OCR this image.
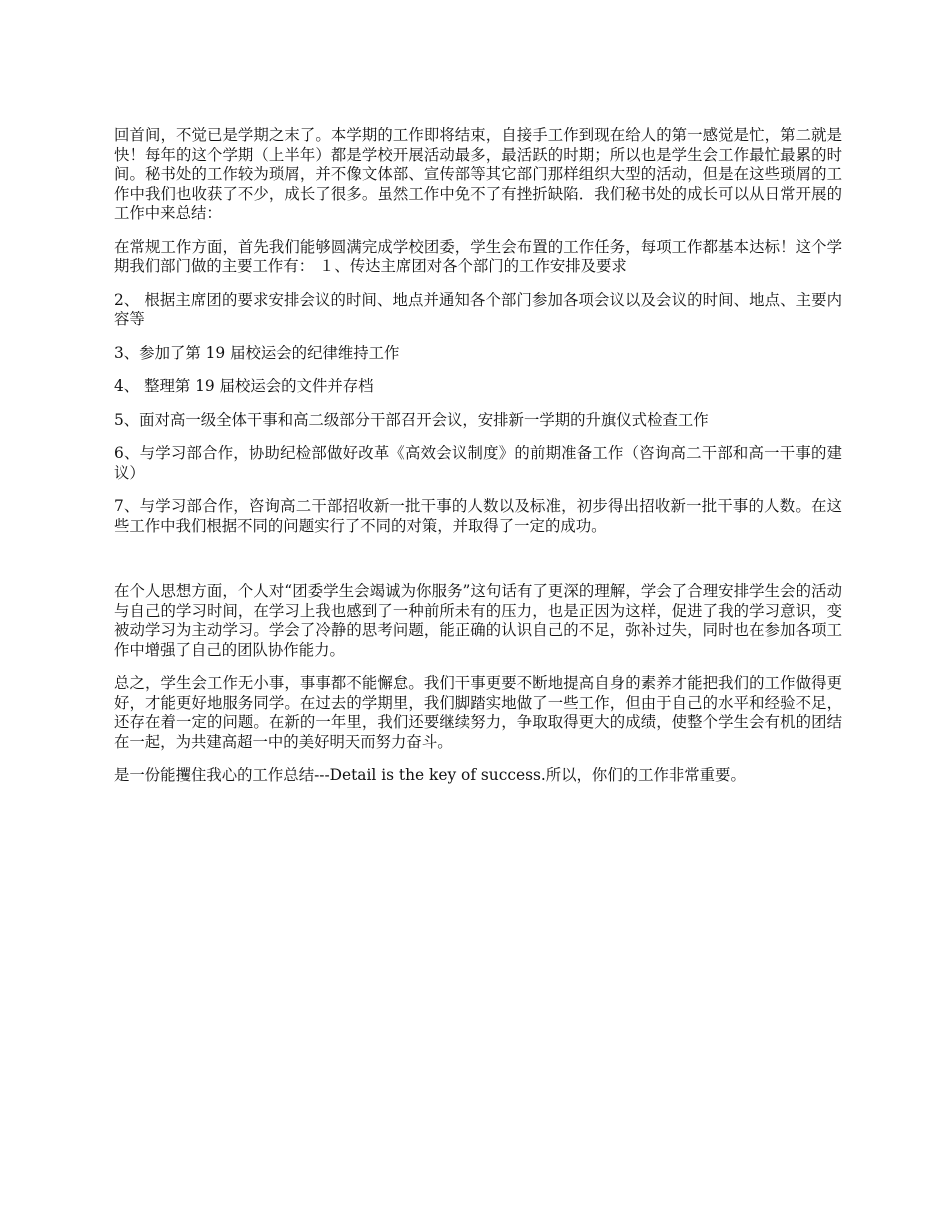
回首间，不觉已是学期之末了。本学期的工作即将结束，自接手工作到现在给人的第一感觉是忙，第二就是快！每年的这个学期（上半年）都是学校开展活动最多，最活跃的时期；所以也是学生会工作最忙最累的时间。秘书处的工作较为琐屑，并不像文体部、宣传部等其它部门那样组织大型的活动，但是在这些琐屑的工作中我们也收获了不少，成长了很多。虽然工作中免不了有挫折缺陷．我们秘书处的成长可以从日常开展的工作中来总结：

在常规工作方面，首先我们能够圆满完成学校团委，学生会布置的工作任务，每项工作都基本达标！这个学期我们部门做的主要工作有： １、传达主席团对各个部门的工作安排及要求

2、 根据主席团的要求安排会议的时间、地点并通知各个部门参加各项会议以及会议的时间、地点、主要内容等

3、参加了第 19 届校运会的纪律维持工作

4、 整理第 19 届校运会的文件并存档

5、面对高一级全体干事和高二级部分干部召开会议，安排新一学期的升旗仪式检查工作

6、与学习部合作，协助纪检部做好改革《高效会议制度》的前期准备工作（咨询高二干部和高一干事的建议）

7、与学习部合作，咨询高二干部招收新一批干事的人数以及标准，初步得出招收新一批干事的人数。在这些工作中我们根据不同的问题实行了不同的对策，并取得了一定的成功。

在个人思想方面，个人对“团委学生会竭诚为你服务”这句话有了更深的理解，学会了合理安排学生会的活动与自己的学习时间，在学习上我也感到了一种前所未有的压力，也是正因为这样，促进了我的学习意识，变被动学习为主动学习。学会了冷静的思考问题，能正确的认识自己的不足，弥补过失，同时也在参加各项工作中增强了自己的团队协作能力。

总之，学生会工作无小事，事事都不能懈怠。我们干事更要不断地提高自身的素养才能把我们的工作做得更好，才能更好地服务同学。在过去的学期里，我们脚踏实地做了一些工作，但由于自己的水平和经验不足，还存在着一定的问题。在新的一年里，我们还要继续努力，争取取得更大的成绩，使整个学生会有机的团结在一起，为共建高超一中的美好明天而努力奋斗。

是一份能攫住我心的工作总结---Detail is the key of success.所以，你们的工作非常重要。
